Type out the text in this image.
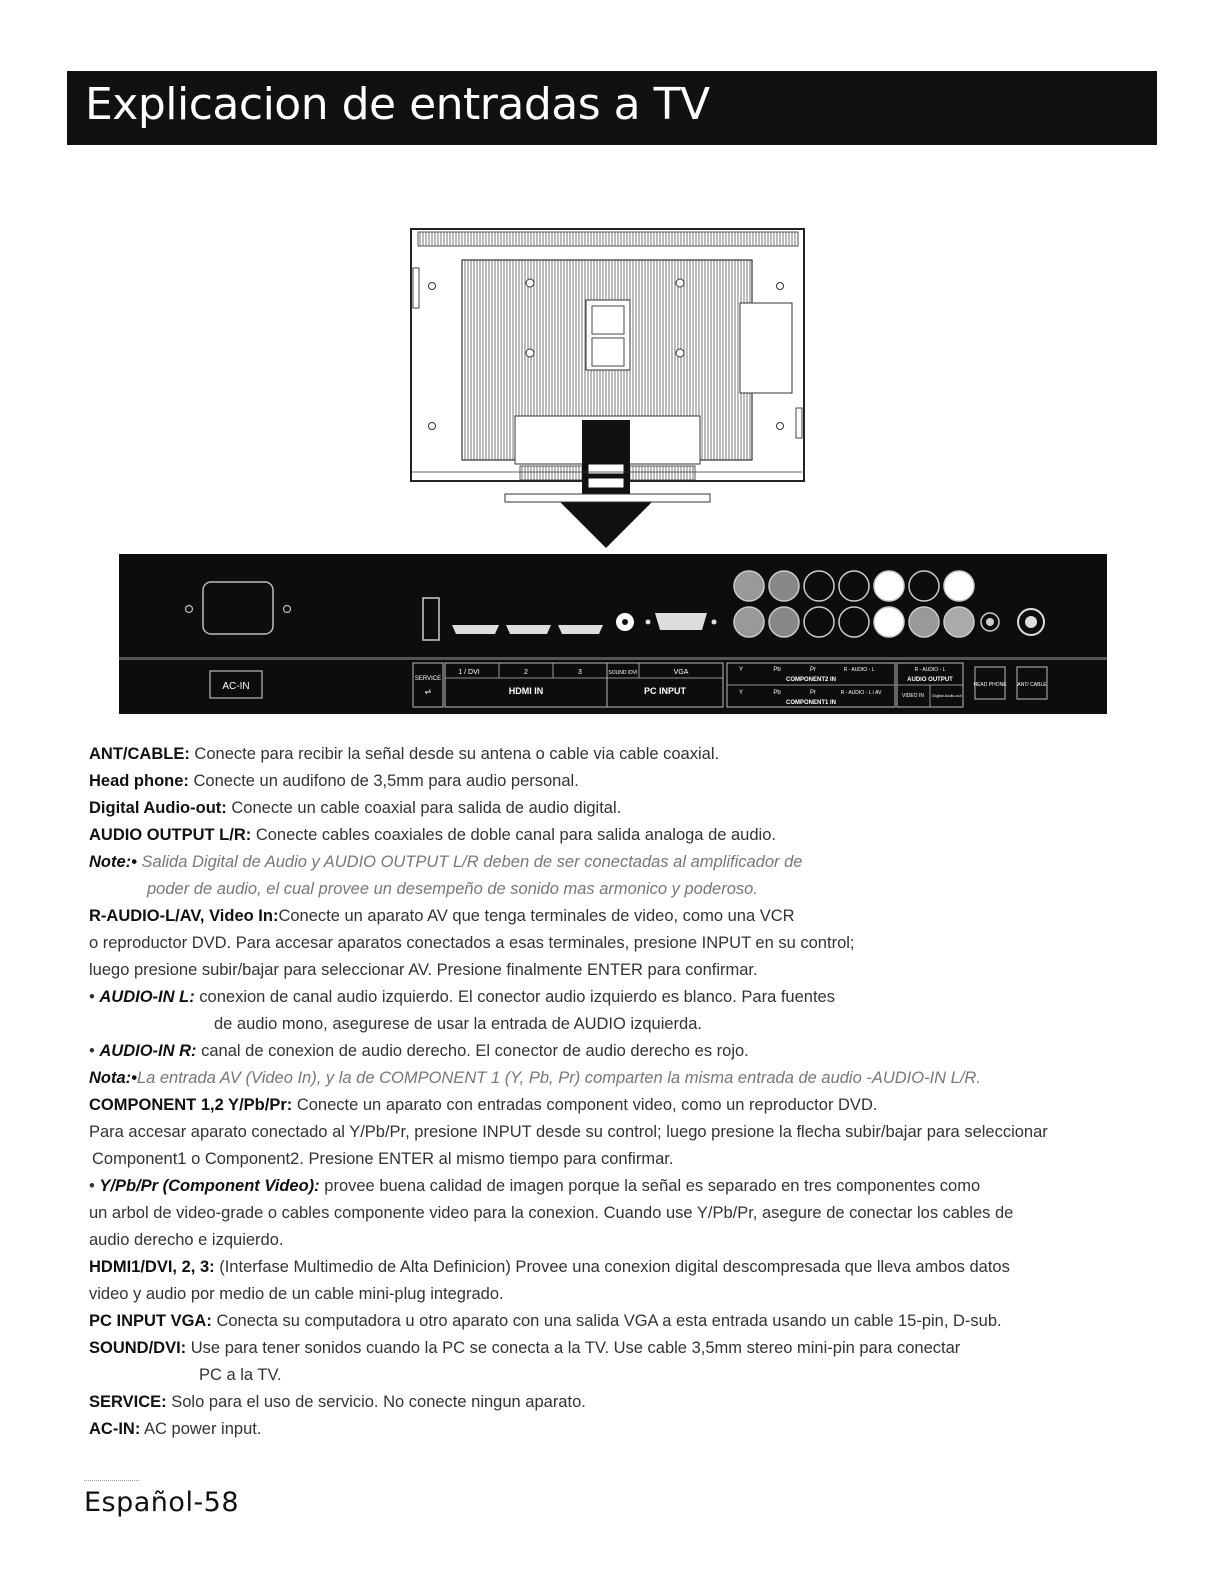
Explicacion de entradas a TV
AC-IN
SERVICE
⇌
1 / DVI	2	3
HDMI IN
SOUND /DVI	VGA
PC INPUT
Y	Pb	Pr	R - AUDIO - L
COMPONENT2 IN
Y	Pb	Pr	R - AUDIO - L / AV
COMPONENT1 IN
R - AUDIO - L
AUDIO OUTPUT
VIDEO IN Digital Audio-out
HEAD PHONE ANT/ CABLE
ANT/CABLE: Conecte para recibir la señal desde su antena o cable via cable coaxial.
Head phone: Conecte un audifono de 3,5mm para audio personal.
Digital Audio-out: Conecte un cable coaxial para salida de audio digital.
AUDIO OUTPUT L/R: Conecte cables coaxiales de doble canal para salida analoga de audio.
Note:• Salida Digital de Audio y AUDIO OUTPUT L/R deben de ser conectadas al amplificador de
poder de audio, el cual provee un desempeño de sonido mas armonico y poderoso.
R-AUDIO-L/AV, Video In:Conecte un aparato AV que tenga terminales de video, como una VCR
o reproductor DVD. Para accesar aparatos conectados a esas terminales, presione INPUT en su control;
luego presione subir/bajar para seleccionar AV. Presione finalmente ENTER para confirmar.
• AUDIO-IN L: conexion de canal audio izquierdo. El conector audio izquierdo es blanco. Para fuentes
de audio mono, asegurese de usar la entrada de AUDIO izquierda.
• AUDIO-IN R: canal de conexion de audio derecho. El conector de audio derecho es rojo.
Nota:•La entrada AV (Video In), y la de COMPONENT 1 (Y, Pb, Pr) comparten la misma entrada de audio -AUDIO-IN L/R.
COMPONENT 1,2 Y/Pb/Pr: Conecte un aparato con entradas component video, como un reproductor DVD.
Para accesar aparato conectado al Y/Pb/Pr, presione INPUT desde su control; luego presione la flecha subir/bajar para seleccionar
Component1 o Component2. Presione ENTER al mismo tiempo para confirmar.
• Y/Pb/Pr (Component Video): provee buena calidad de imagen porque la señal es separado en tres componentes como
un arbol de video-grade o cables componente video para la conexion. Cuando use Y/Pb/Pr, asegure de conectar los cables de
audio derecho e izquierdo.
HDMI1/DVI, 2, 3: (Interfase Multimedio de Alta Definicion) Provee una conexion digital descompresada que lleva ambos datos
video y audio por medio de un cable mini-plug integrado.
PC INPUT VGA: Conecta su computadora u otro aparato con una salida VGA a esta entrada usando un cable 15-pin, D-sub.
SOUND/DVI: Use para tener sonidos cuando la PC se conecta a la TV. Use cable 3,5mm stereo mini-pin para conectar
PC a la TV.
SERVICE: Solo para el uso de servicio. No conecte ningun aparato.
AC-IN: AC power input.
Español-58
